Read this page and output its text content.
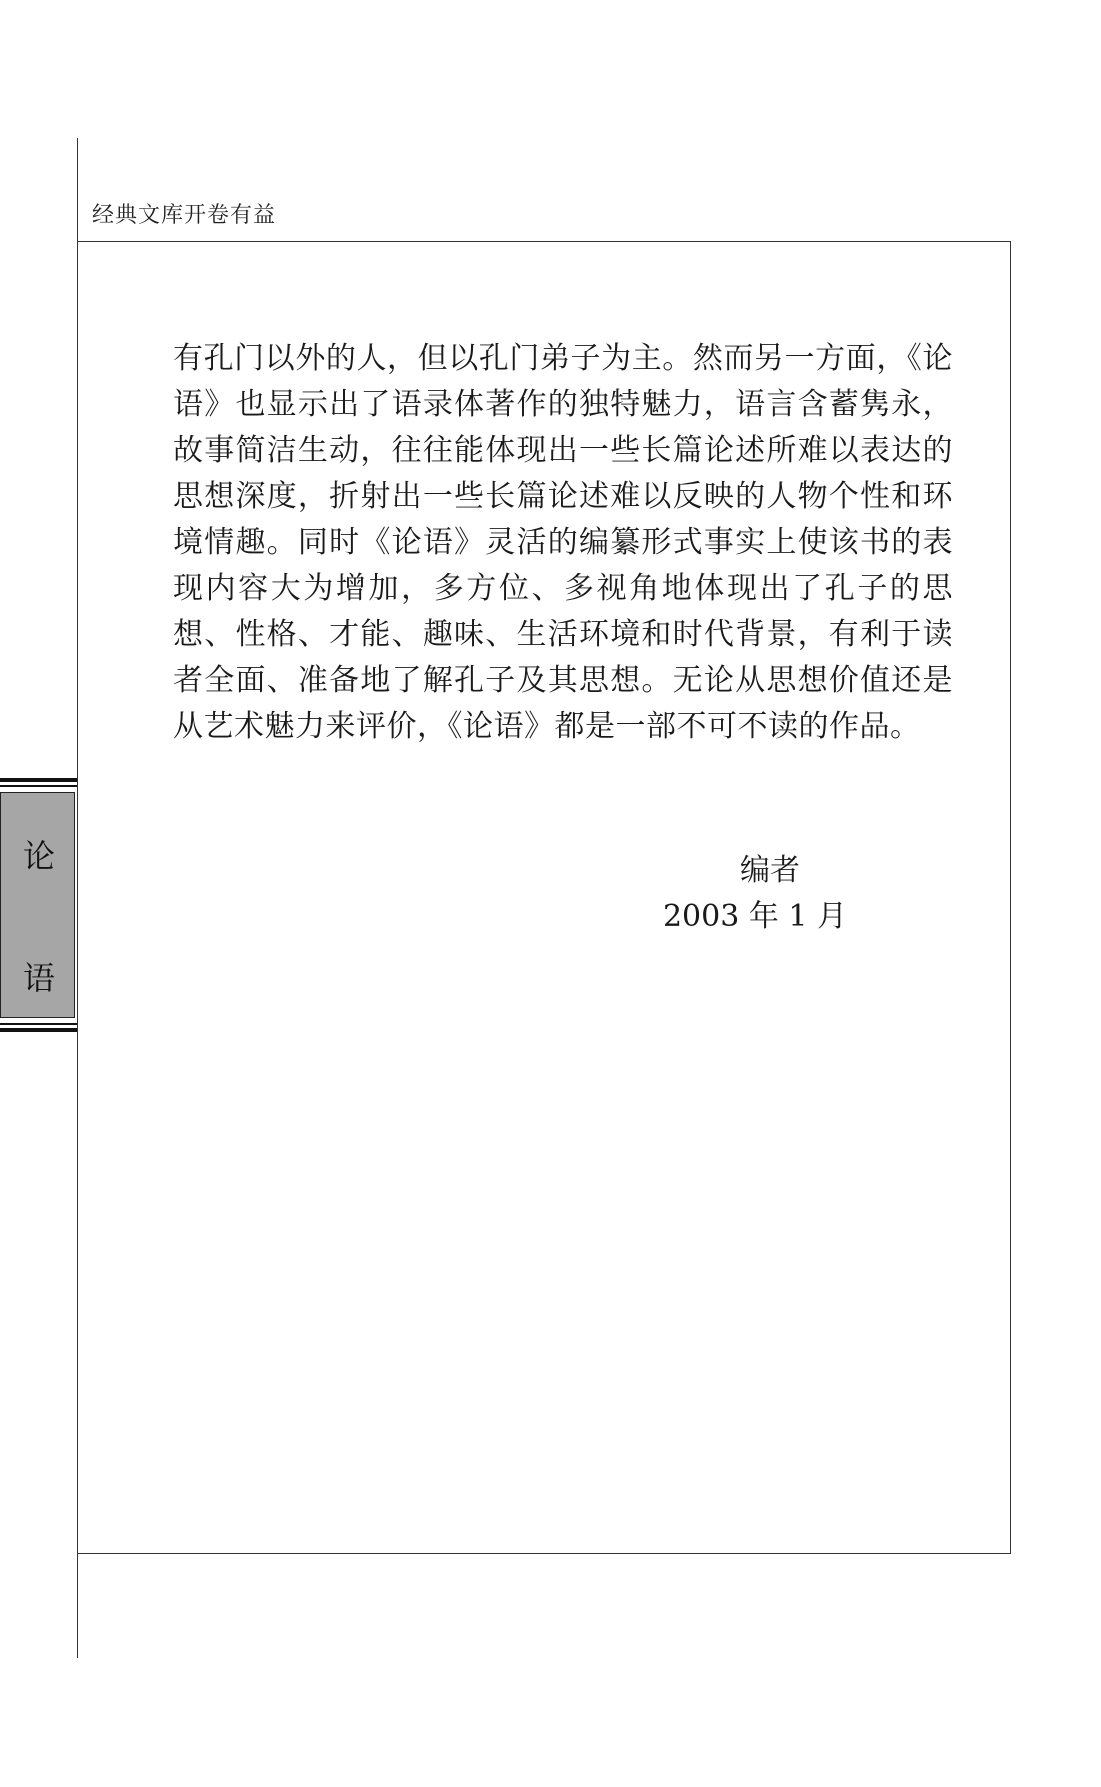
经典文库开卷有益

有孔门以外的人，但以孔门弟子为主。然而另一方面，《论语》也显示出了语录体著作的独特魅力，语言含蓄隽永，故事简洁生动，往往能体现出一些长篇论述所难以表达的思想深度，折射出一些长篇论述难以反映的人物个性和环境情趣。同时《论语》灵活的编纂形式事实上使该书的表现内容大为增加，多方位、多视角地体现出了孔子的思想、性格、才能、趣味、生活环境和时代背景，有利于读者全面、准备地了解孔子及其思想。无论从思想价值还是从艺术魅力来评价，《论语》都是一部不可不读的作品。

编者

2003 年 1 月
论
语
